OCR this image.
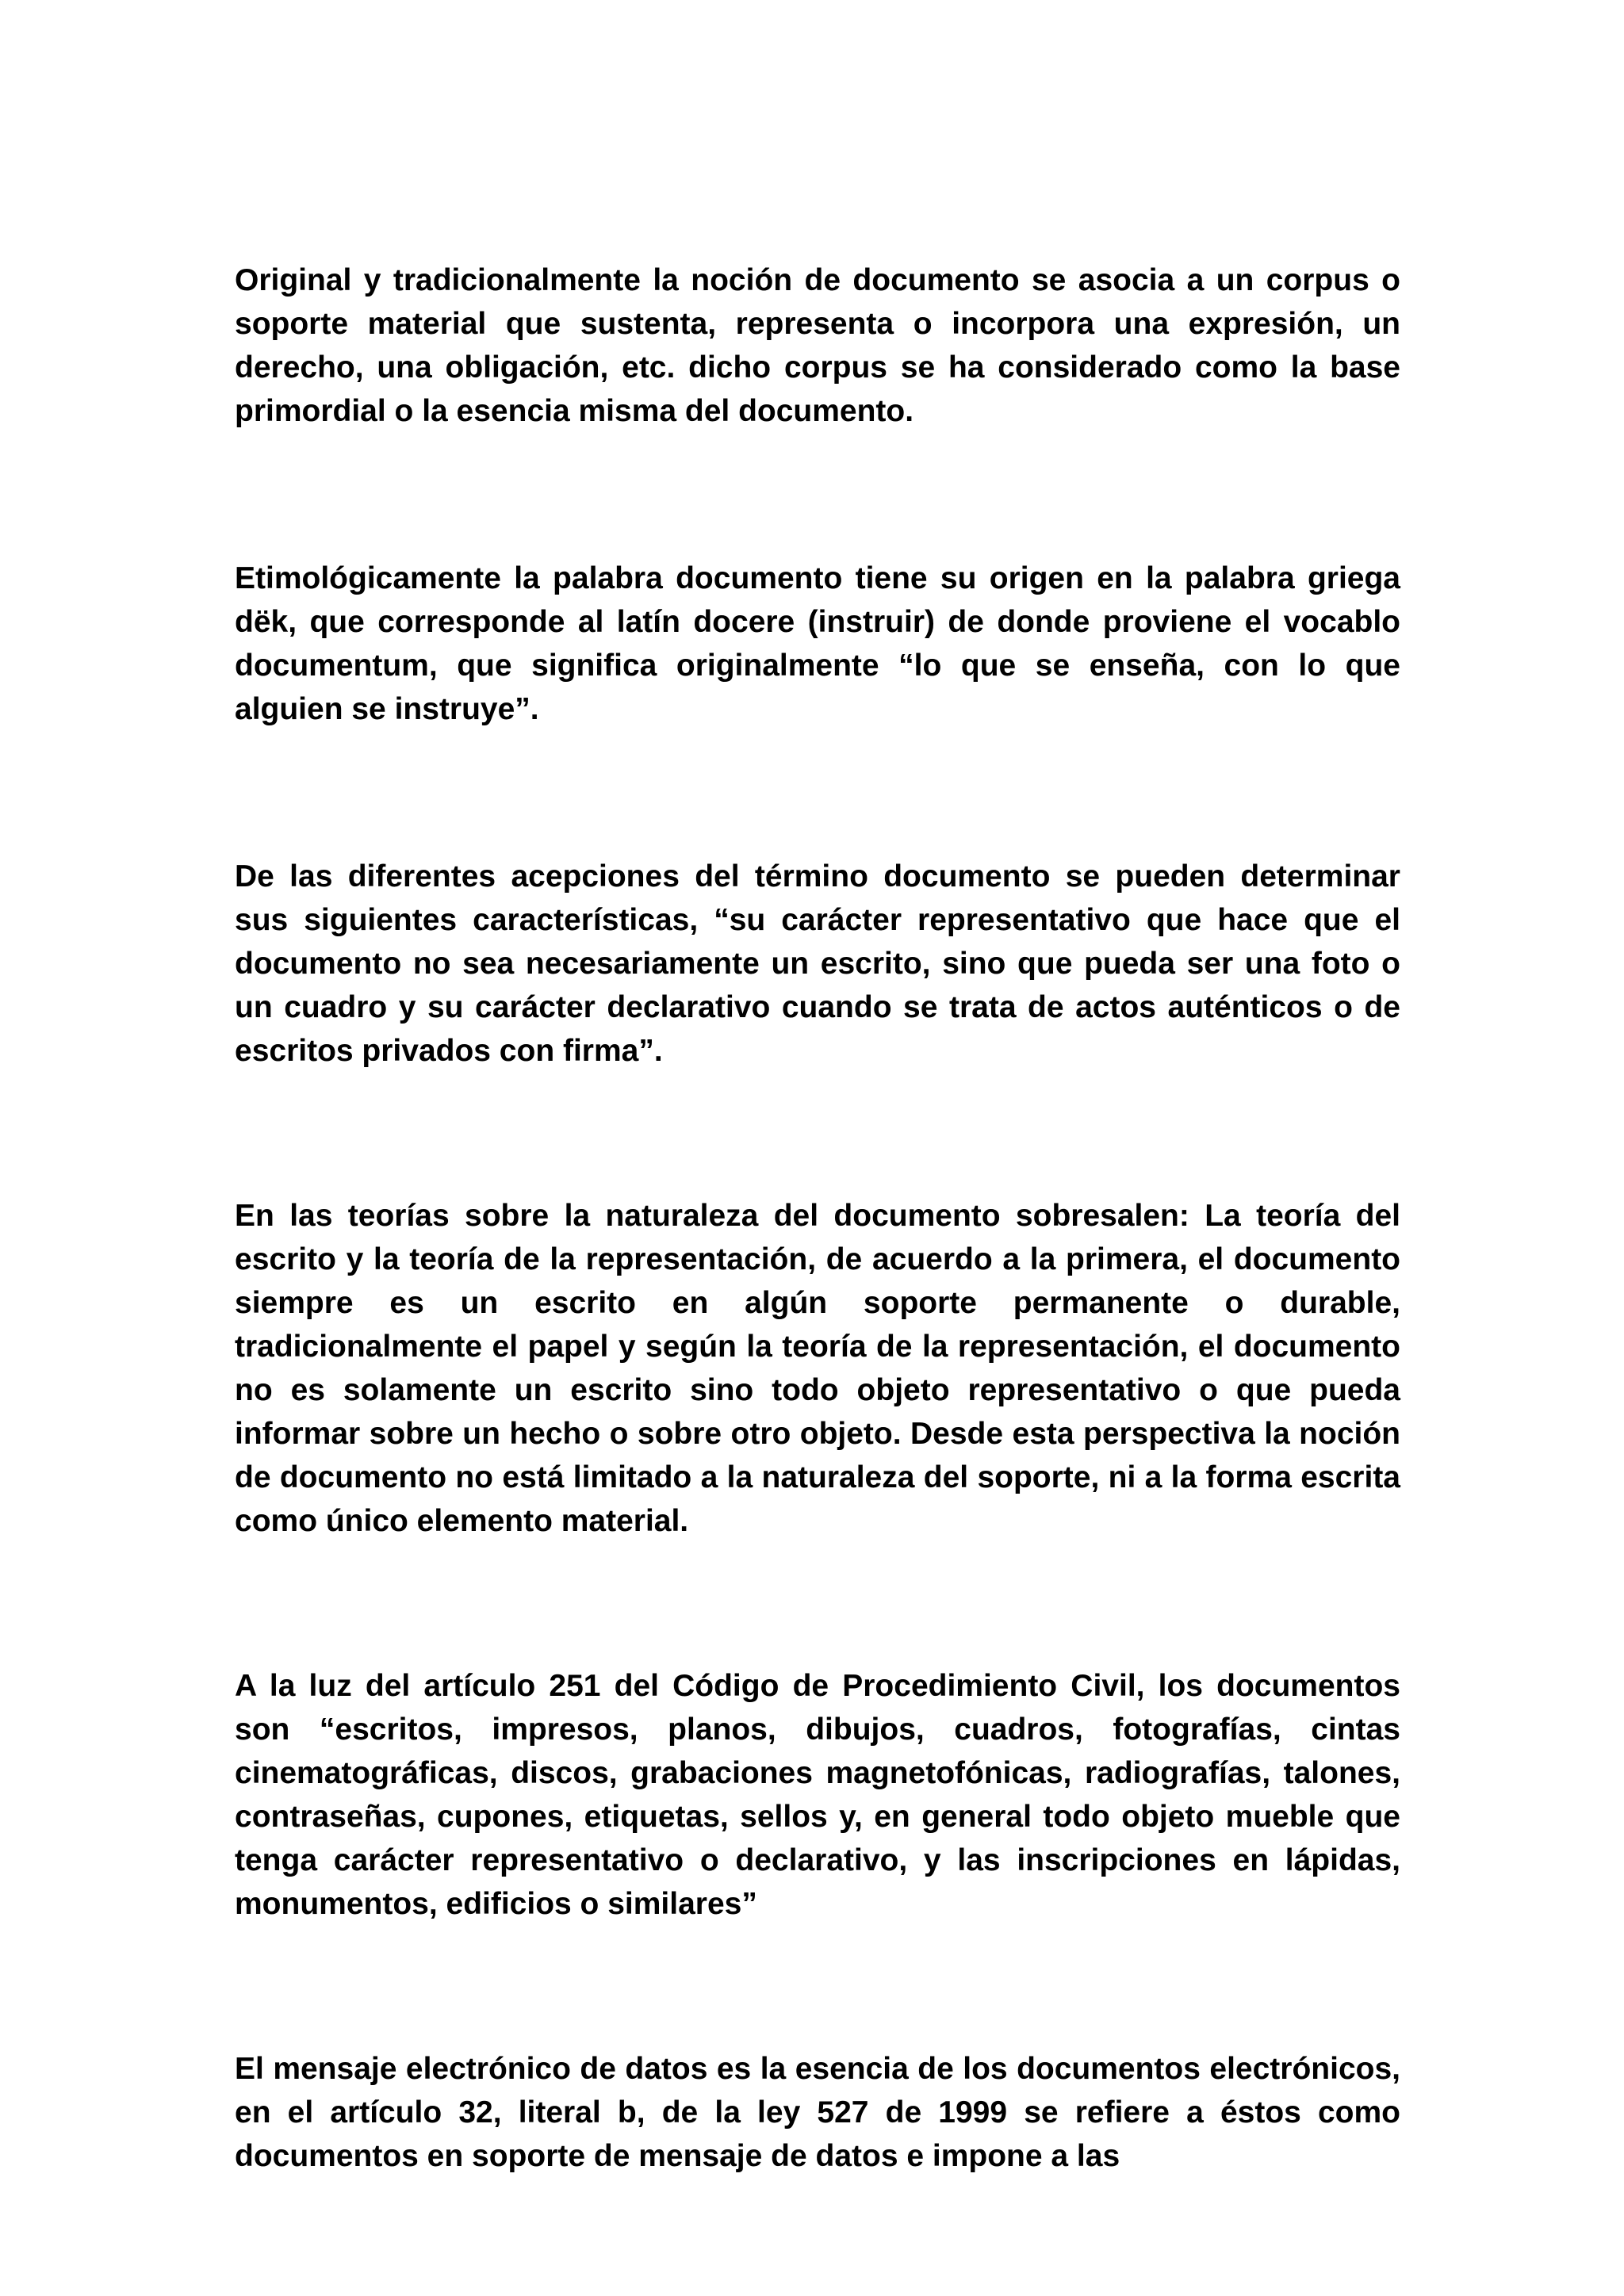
Original y tradicionalmente la noción de documento se asocia a un corpus o soporte material que sustenta, representa o incorpora una expresión, un derecho, una obligación, etc. dicho corpus se ha considerado como la base primordial o la esencia misma del documento.

Etimológicamente la palabra documento tiene su origen en la palabra griega dëk, que corresponde al latín docere (instruir) de donde proviene el vocablo documentum, que significa originalmente “lo que se enseña, con lo que alguien se instruye”.

De las diferentes acepciones del término documento se pueden determinar sus siguientes características, “su carácter representativo que hace que el documento no sea necesariamente un escrito, sino que pueda ser una foto o un cuadro y su carácter declarativo cuando se trata de actos auténticos o de escritos privados con firma”.

En las teorías sobre la naturaleza del documento sobresalen: La teoría del escrito y la teoría de la representación, de acuerdo a la primera, el documento siempre es un escrito en algún soporte permanente o durable, tradicionalmente el papel y según la teoría de la representación, el documento no es solamente un escrito sino todo objeto representativo o que pueda informar sobre un hecho o sobre otro objeto. Desde esta perspectiva la noción de documento no está limitado a la naturaleza del soporte, ni a la forma escrita como único elemento material.

A la luz del artículo 251 del Código de Procedimiento Civil, los documentos son “escritos, impresos, planos, dibujos, cuadros, fotografías, cintas cinematográficas, discos, grabaciones magnetofónicas, radiografías, talones, contraseñas, cupones, etiquetas, sellos y, en general todo objeto mueble que tenga carácter representativo o declarativo, y las inscripciones en lápidas, monumentos, edificios o similares”

El mensaje electrónico de datos es la esencia de los documentos electrónicos, en el artículo 32, literal b, de la ley 527 de 1999 se refiere a éstos como documentos en soporte de mensaje de datos e impone a las
